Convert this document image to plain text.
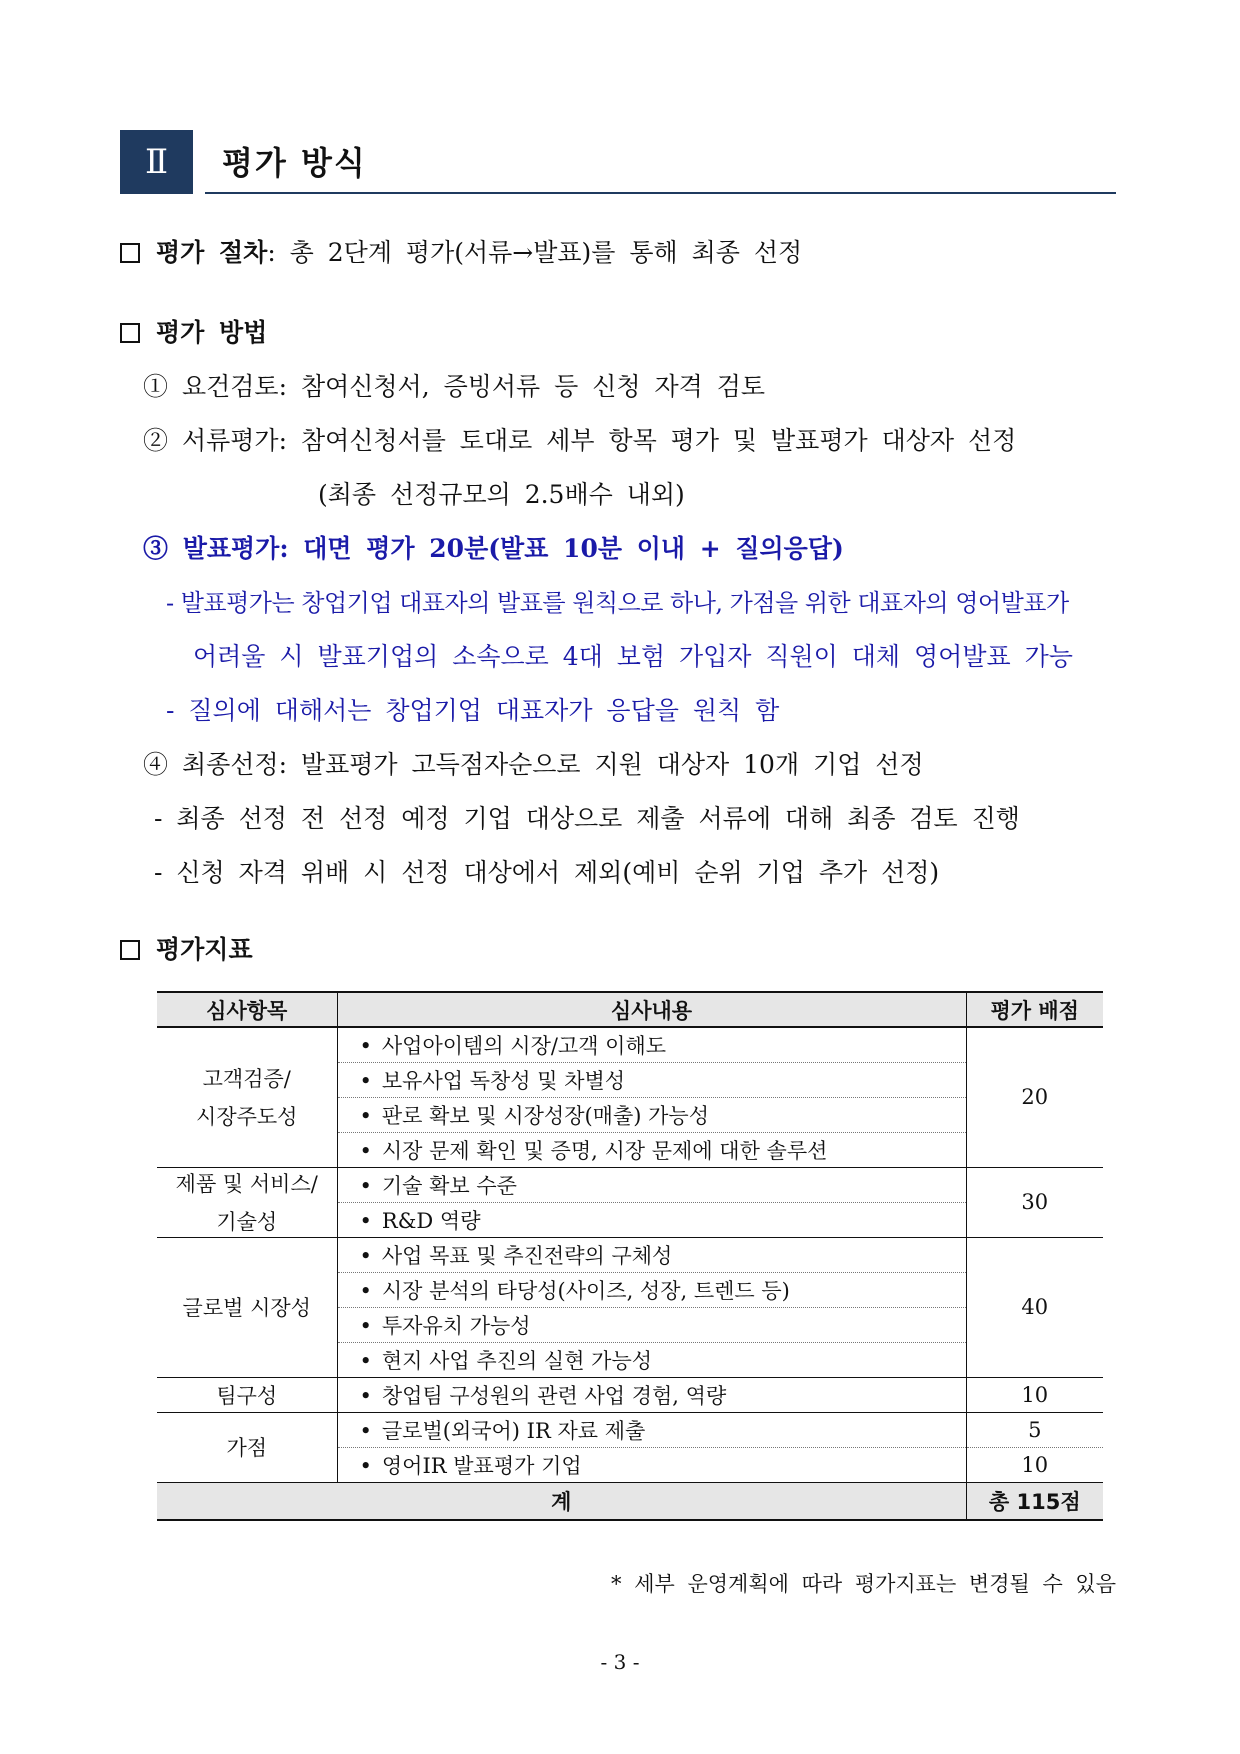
Ⅱ 평가 방식
평가 절차: 총 2단계 평가(서류→발표)를 통해 최종 선정
평가 방법
① 요건검토: 참여신청서, 증빙서류 등 신청 자격 검토
② 서류평가: 참여신청서를 토대로 세부 항목 평가 및 발표평가 대상자 선정
(최종 선정규모의 2.5배수 내외)
③ 발표평가: 대면 평가 20분(발표 10분 이내 + 질의응답)
- 발표평가는 창업기업 대표자의 발표를 원칙으로 하나, 가점을 위한 대표자의 영어발표가
어려울 시 발표기업의 소속으로 4대 보험 가입자 직원이 대체 영어발표 가능
- 질의에 대해서는 창업기업 대표자가 응답을 원칙 함
④ 최종선정: 발표평가 고득점자순으로 지원 대상자 10개 기업 선정
- 최종 선정 전 선정 예정 기업 대상으로 제출 서류에 대해 최종 검토 진행
- 신청 자격 위배 시 선정 대상에서 제외(예비 순위 기업 추가 선정)
평가지표
심사항목	심사내용	평가 배점

고객검증/
시장주도성	• 사업아이템의 시장/고객 이해도	20
	• 보유사업 독창성 및 차별성	
	• 판로 확보 및 시장성장(매출) 가능성	
	• 시장 문제 확인 및 증명, 시장 문제에 대한 솔루션	

제품 및 서비스/
기술성	• 기술 확보 수준	30
	• R&D 역량	
글로벌 시장성	• 사업 목표 및 추진전략의 구체성	40
	• 시장 분석의 타당성(사이즈, 성장, 트렌드 등)	
	• 투자유치 가능성	
	• 현지 사업 추진의 실현 가능성	
팀구성	• 창업팀 구성원의 관련 사업 경험, 역량	10
가점	• 글로벌(외국어) IR 자료 제출	5
	• 영어IR 발표평가 기업	10
계		총 115점
* 세부 운영계획에 따라 평가지표는 변경될 수 있음
- 3 -
